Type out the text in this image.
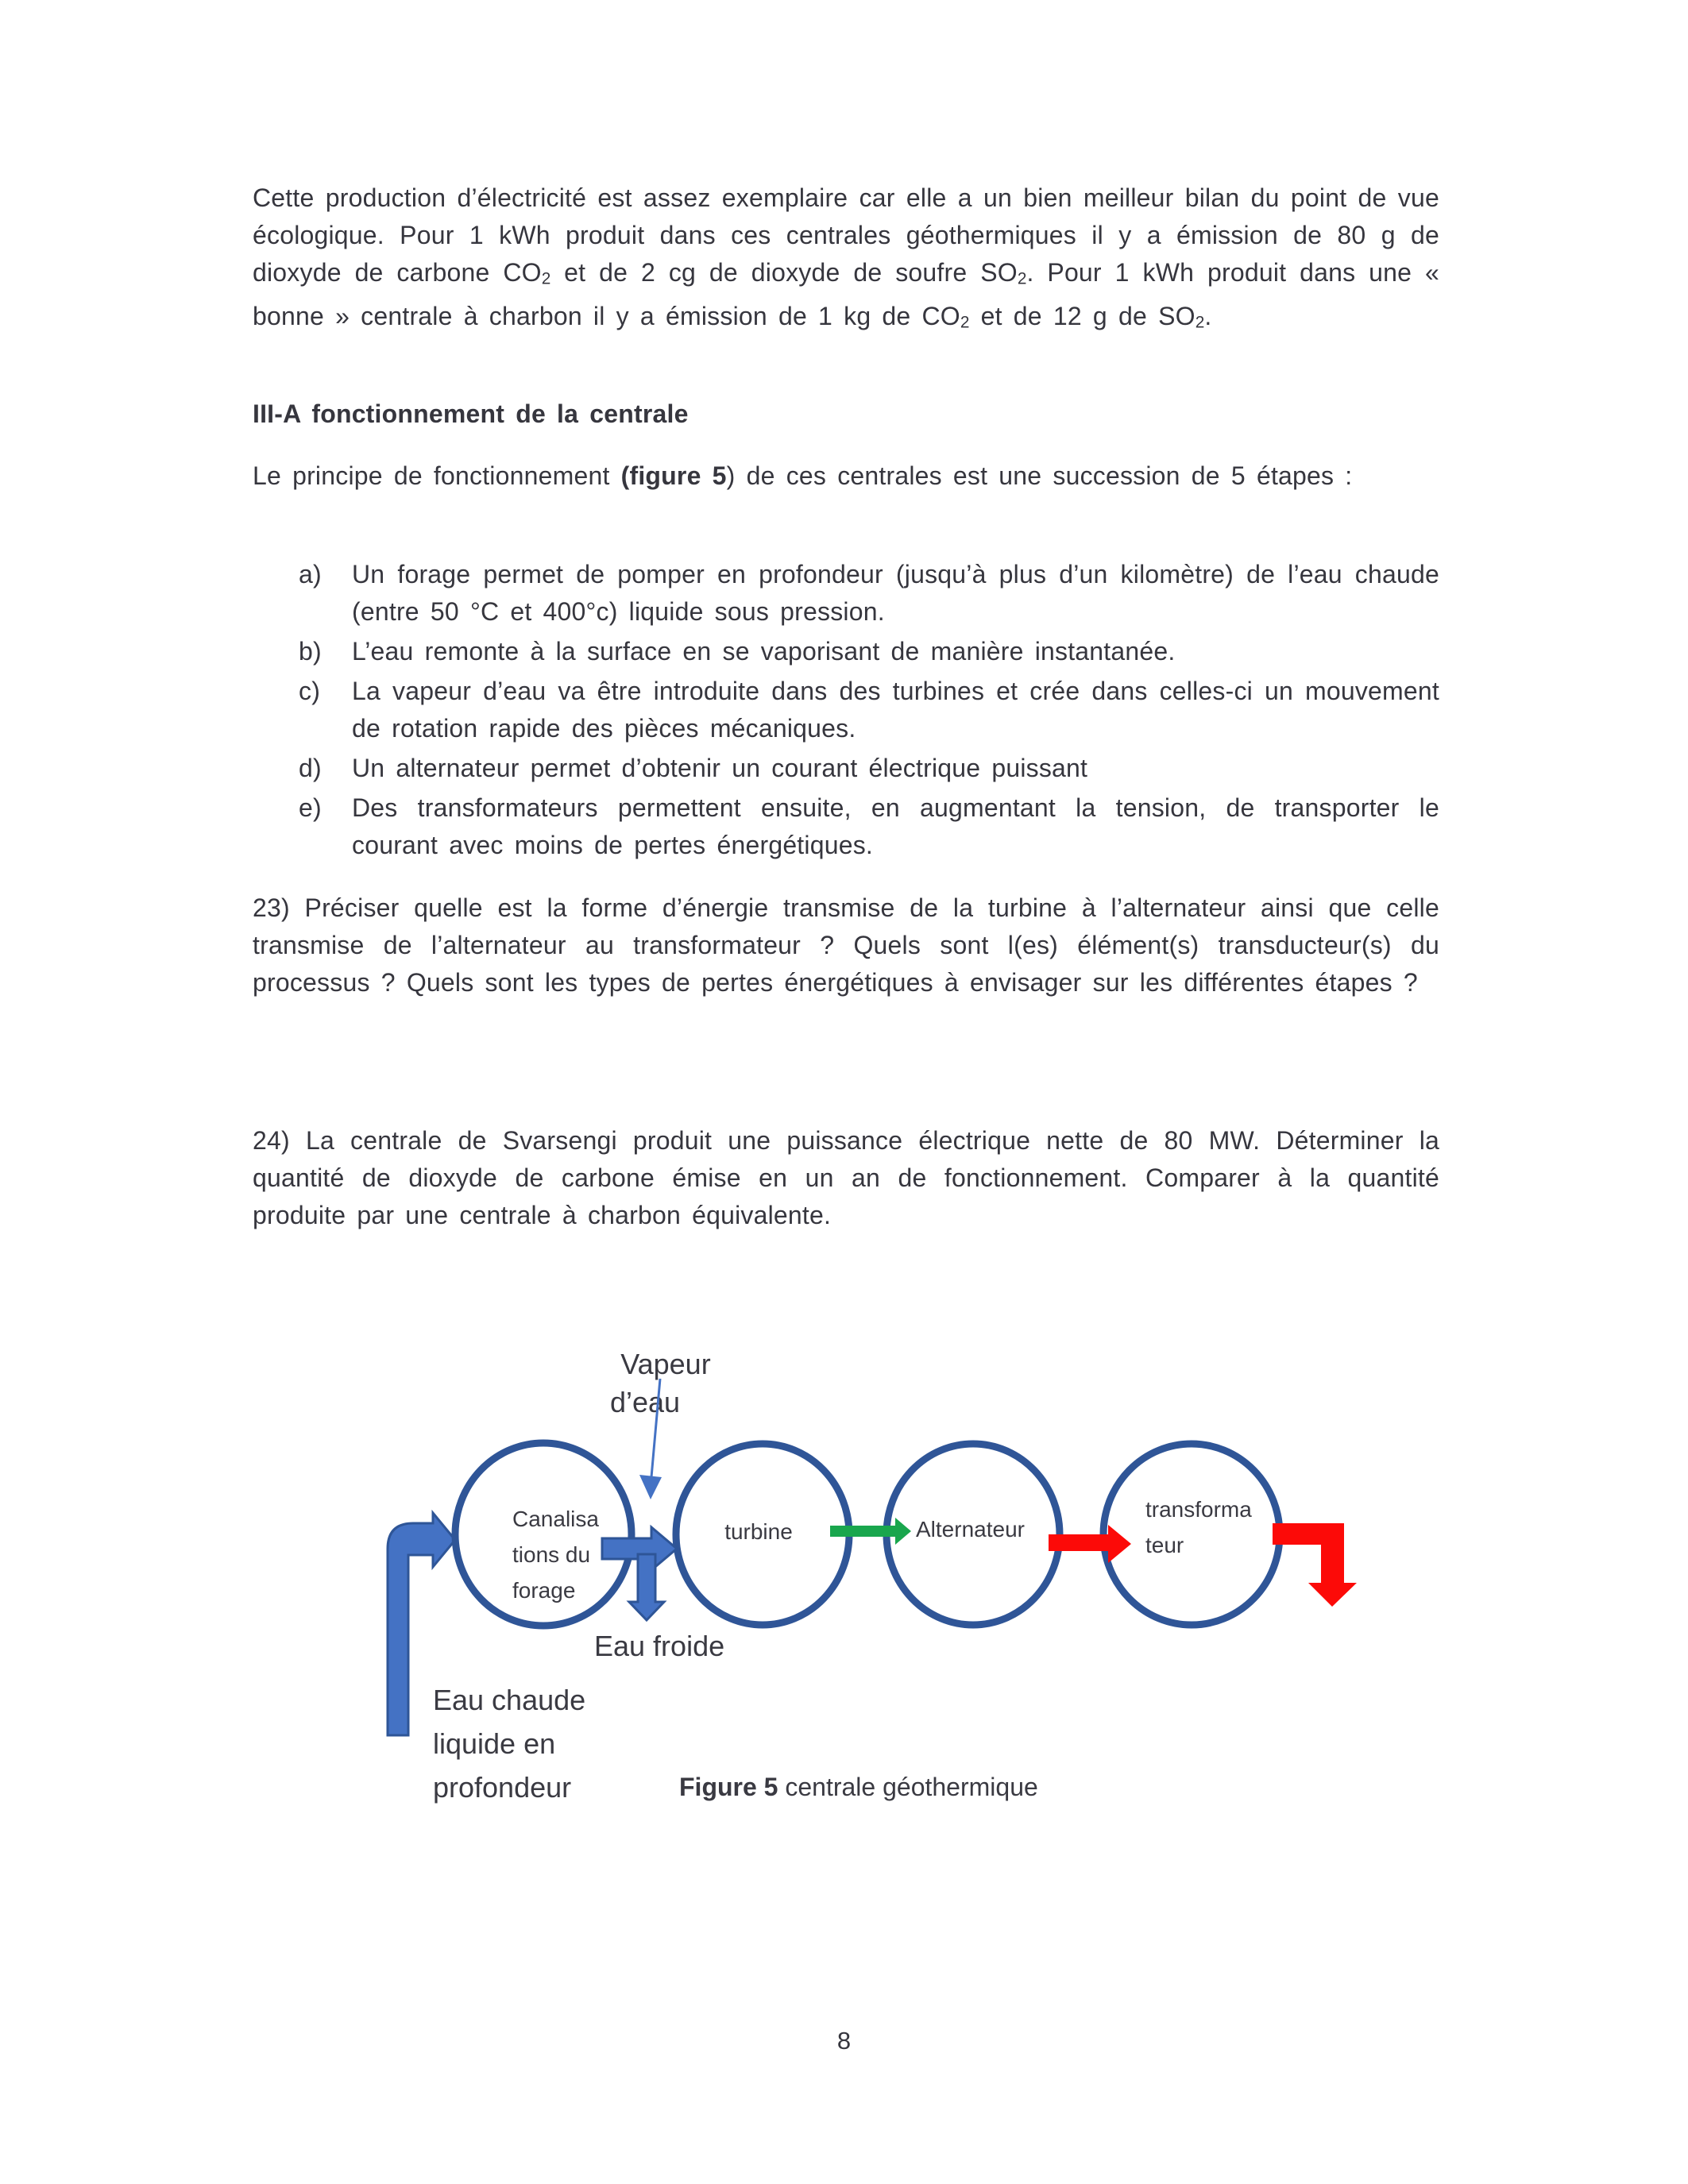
Cette production d’électricité est assez exemplaire car elle a un bien meilleur bilan du point de vue écologique. Pour 1 kWh produit dans ces centrales géothermiques il y a émission de 80 g de dioxyde de carbone $CO_2$ et de 2 cg de dioxyde de soufre $SO_2$. Pour 1 kWh produit dans une « bonne » centrale à charbon il y a émission de 1 kg de $CO_2$ et de 12 g de $SO_2$.
III-A fonctionnement de la centrale
Le principe de fonctionnement (figure 5) de ces centrales est une succession de 5 étapes :
a) Un forage permet de pomper en profondeur (jusqu’à plus d’un kilomètre) de l’eau chaude (entre 50 °C et 400°c) liquide sous pression.
b) L’eau remonte à la surface en se vaporisant de manière instantanée.
c) La vapeur d’eau va être introduite dans des turbines et crée dans celles-ci un mouvement de rotation rapide des pièces mécaniques.
d) Un alternateur permet d’obtenir un courant électrique puissant
e) Des transformateurs permettent ensuite, en augmentant la tension, de transporter le courant avec moins de pertes énergétiques.
23) Préciser quelle est la forme d’énergie transmise de la turbine à l’alternateur ainsi que celle transmise de l’alternateur au transformateur ? Quels sont l(es) élément(s) transducteur(s) du processus ? Quels sont les types de pertes énergétiques à envisager sur les différentes étapes ?
24) La centrale de Svarsengi produit une puissance électrique nette de 80 MW. Déterminer la quantité de dioxyde de carbone émise en un an de fonctionnement. Comparer à la quantité produite par une centrale à charbon équivalente.
Vapeur
d’eau
Canalisa
tions du
forage
turbine	Alternateur
transforma
teur
Eau froide
Eau chaude
liquide en
profondeur	Figure 5 centrale géothermique
8
